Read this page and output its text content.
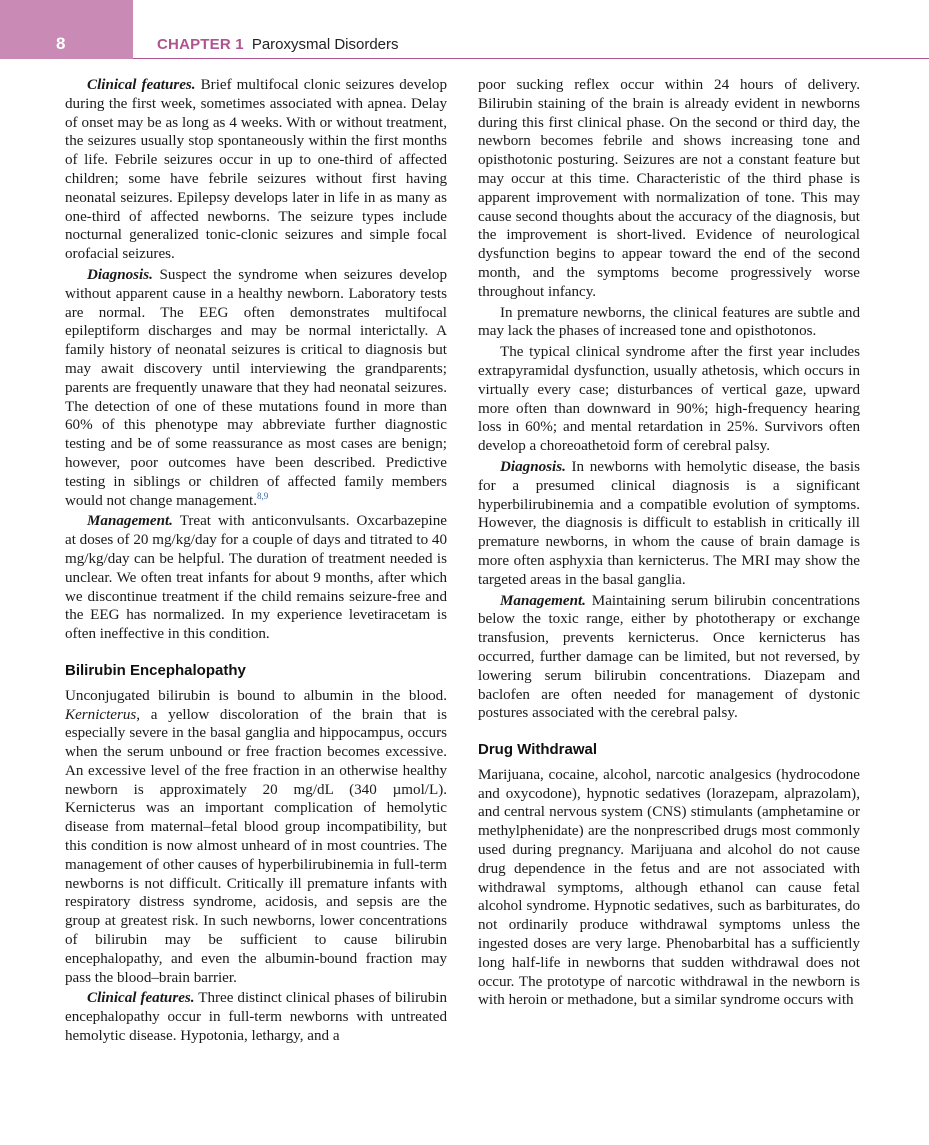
8	CHAPTER 1 Paroxysmal Disorders

Clinical features. Brief multifocal clonic seizures develop during the first week, sometimes associated with apnea. Delay of onset may be as long as 4 weeks. With or without treatment, the seizures usually stop spontaneously within the first months of life. Febrile seizures occur in up to one-third of affected children; some have febrile seizures without first having neonatal seizures. Epilepsy develops later in life in as many as one-third of affected newborns. The seizure types include nocturnal generalized tonic-clonic seizures and simple focal orofacial seizures.

Diagnosis. Suspect the syndrome when seizures develop without apparent cause in a healthy newborn. Laboratory tests are normal. The EEG often demonstrates multifocal epileptiform discharges and may be normal interictally. A family history of neonatal seizures is critical to diagnosis but may await discovery until interviewing the grandparents; parents are frequently unaware that they had neonatal seizures. The detection of one of these mutations found in more than 60% of this phenotype may abbreviate further diagnostic testing and be of some reassurance as most cases are benign; however, poor outcomes have been described. Predictive testing in siblings or children of affected family members would not change management.$^{8,9}$

Management. Treat with anticonvulsants. Oxcarbazepine at doses of 20 mg/kg/day for a couple of days and titrated to 40 mg/kg/day can be helpful. The duration of treatment needed is unclear. We often treat infants for about 9 months, after which we discontinue treatment if the child remains seizure-free and the EEG has normalized. In my experience levetiracetam is often ineffective in this condition.

Bilirubin Encephalopathy

Unconjugated bilirubin is bound to albumin in the blood. Kernicterus, a yellow discoloration of the brain that is especially severe in the basal ganglia and hippocampus, occurs when the serum unbound or free fraction becomes excessive. An excessive level of the free fraction in an otherwise healthy newborn is approximately 20 mg/dL (340 µmol/L). Kernicterus was an important complication of hemolytic disease from maternal–fetal blood group incompatibility, but this condition is now almost unheard of in most countries. The management of other causes of hyperbilirubinemia in full-term newborns is not difficult. Critically ill premature infants with respiratory distress syndrome, acidosis, and sepsis are the group at greatest risk. In such newborns, lower concentrations of bilirubin may be sufficient to cause bilirubin encephalopathy, and even the albumin-bound fraction may pass the blood–brain barrier.

Clinical features. Three distinct clinical phases of bilirubin encephalopathy occur in full-term newborns with untreated hemolytic disease. Hypotonia, lethargy, and a

poor sucking reflex occur within 24 hours of delivery. Bilirubin staining of the brain is already evident in newborns during this first clinical phase. On the second or third day, the newborn becomes febrile and shows increasing tone and opisthotonic posturing. Seizures are not a constant feature but may occur at this time. Characteristic of the third phase is apparent improvement with normalization of tone. This may cause second thoughts about the accuracy of the diagnosis, but the improvement is short-lived. Evidence of neurological dysfunction begins to appear toward the end of the second month, and the symptoms become progressively worse throughout infancy.

In premature newborns, the clinical features are subtle and may lack the phases of increased tone and opisthotonos.

The typical clinical syndrome after the first year includes extrapyramidal dysfunction, usually athetosis, which occurs in virtually every case; disturbances of vertical gaze, upward more often than downward in 90%; high-frequency hearing loss in 60%; and mental retardation in 25%. Survivors often develop a choreoathetoid form of cerebral palsy.

Diagnosis. In newborns with hemolytic disease, the basis for a presumed clinical diagnosis is a significant hyperbilirubinemia and a compatible evolution of symptoms. However, the diagnosis is difficult to establish in critically ill premature newborns, in whom the cause of brain damage is more often asphyxia than kernicterus. The MRI may show the targeted areas in the basal ganglia.

Management. Maintaining serum bilirubin concentrations below the toxic range, either by phototherapy or exchange transfusion, prevents kernicterus. Once kernicterus has occurred, further damage can be limited, but not reversed, by lowering serum bilirubin concentrations. Diazepam and baclofen are often needed for management of dystonic postures associated with the cerebral palsy.

Drug Withdrawal

Marijuana, cocaine, alcohol, narcotic analgesics (hydrocodone and oxycodone), hypnotic sedatives (lorazepam, alprazolam), and central nervous system (CNS) stimulants (amphetamine or methylphenidate) are the nonprescribed drugs most commonly used during pregnancy. Marijuana and alcohol do not cause drug dependence in the fetus and are not associated with withdrawal symptoms, although ethanol can cause fetal alcohol syndrome. Hypnotic sedatives, such as barbiturates, do not ordinarily produce withdrawal symptoms unless the ingested doses are very large. Phenobarbital has a sufficiently long half-life in newborns that sudden withdrawal does not occur. The prototype of narcotic withdrawal in the newborn is with heroin or methadone, but a similar syndrome occurs with
